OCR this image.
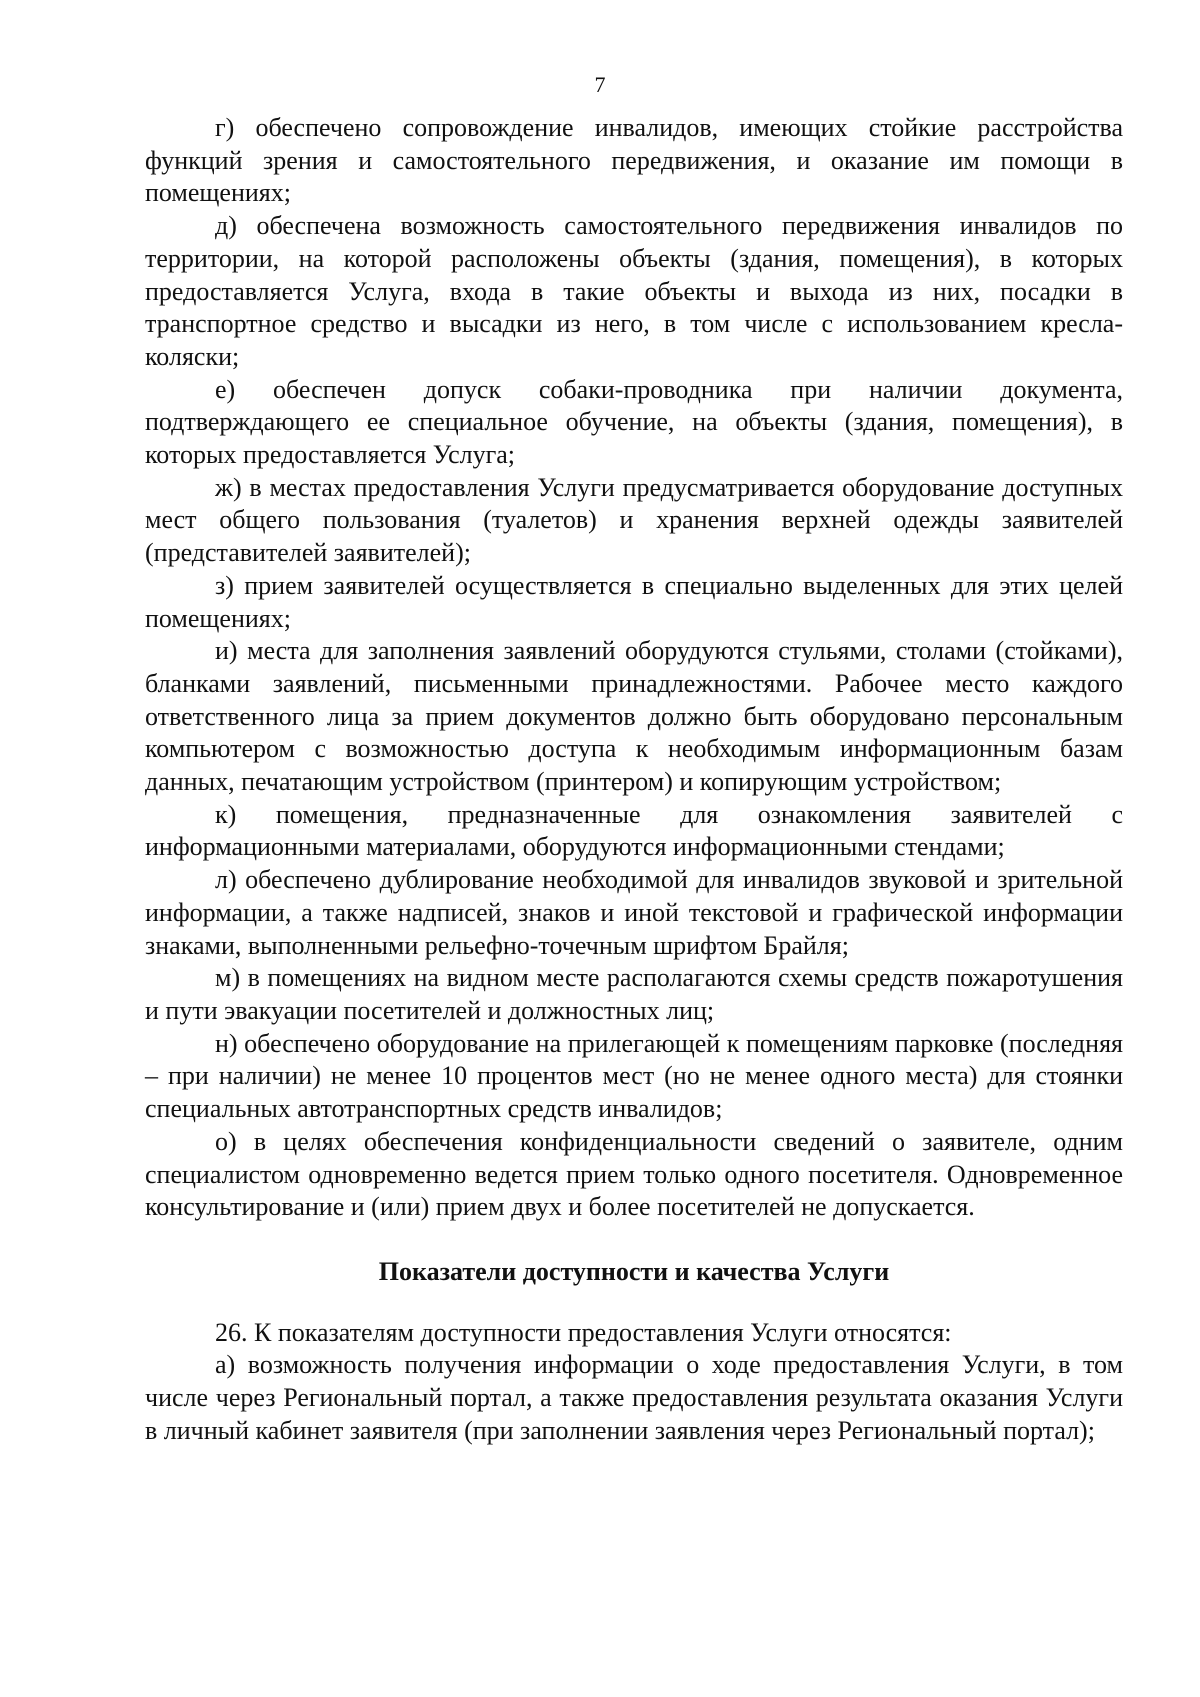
7

г) обеспечено сопровождение инвалидов, имеющих стойкие расстройства функций зрения и самостоятельного передвижения, и оказание им помощи в помещениях;

д) обеспечена возможность самостоятельного передвижения инвалидов по территории, на которой расположены объекты (здания, помещения), в которых предоставляется Услуга, входа в такие объекты и выхода из них, посадки в транспортное средство и высадки из него, в том числе с использованием кресла-коляски;

е) обеспечен допуск собаки-проводника при наличии документа, подтверждающего ее специальное обучение, на объекты (здания, помещения), в которых предоставляется Услуга;

ж) в местах предоставления Услуги предусматривается оборудование доступных мест общего пользования (туалетов) и хранения верхней одежды заявителей (представителей заявителей);

з) прием заявителей осуществляется в специально выделенных для этих целей помещениях;

и) места для заполнения заявлений оборудуются стульями, столами (стойками), бланками заявлений, письменными принадлежностями. Рабочее место каждого ответственного лица за прием документов должно быть оборудовано персональным компьютером с возможностью доступа к необходимым информационным базам данных, печатающим устройством (принтером) и копирующим устройством;

к) помещения, предназначенные для ознакомления заявителей с информационными материалами, оборудуются информационными стендами;

л) обеспечено дублирование необходимой для инвалидов звуковой и зрительной информации, а также надписей, знаков и иной текстовой и графической информации знаками, выполненными рельефно-точечным шрифтом Брайля;

м) в помещениях на видном месте располагаются схемы средств пожаротушения и пути эвакуации посетителей и должностных лиц;

н) обеспечено оборудование на прилегающей к помещениям парковке (последняя – при наличии) не менее 10 процентов мест (но не менее одного места) для стоянки специальных автотранспортных средств инвалидов;

о) в целях обеспечения конфиденциальности сведений о заявителе, одним специалистом одновременно ведется прием только одного посетителя. Одновременное консультирование и (или) прием двух и более посетителей не допускается.

Показатели доступности и качества Услуги

26. К показателям доступности предоставления Услуги относятся:

а) возможность получения информации о ходе предоставления Услуги, в том числе через Региональный портал, а также предоставления результата оказания Услуги в личный кабинет заявителя (при заполнении заявления через Региональный портал);
